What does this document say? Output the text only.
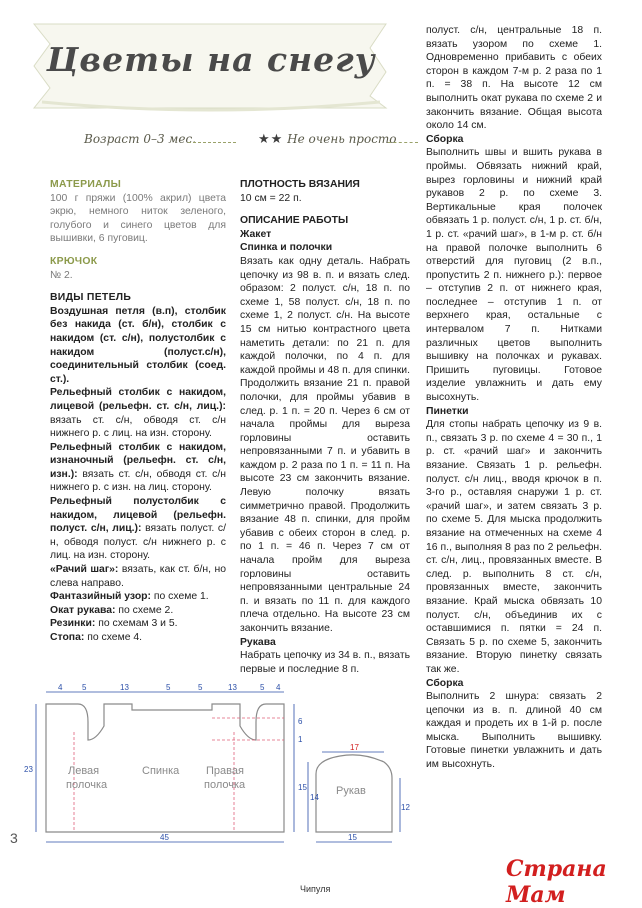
Цветы на снегу
Возраст 0–3 мес.	★★ Не очень просто

МАТЕРИАЛЫ

100 г пряжи (100% акрил) цвета экрю, немного ниток зеленого, голубого и синего цветов для вышивки, 6 пуговиц.

КРЮЧОК

№ 2.

ВИДЫ ПЕТЕЛЬ

Воздушная петля (в.п), столбик без накида (ст. б/н), столбик с накидом (ст. с/н), полустолбик с накидом (полуст.с/н), соединительный столбик (соед. ст.).

Рельефный столбик с накидом, лицевой (рельефн. ст. с/н, лиц.): вязать ст. с/н, обводя ст. с/н нижнего р. с лиц. на изн. сторону.

Рельефный столбик с накидом, изнаночный (рельефн. ст. с/н, изн.): вязать ст. с/н, обводя ст. с/н нижнего р. с изн. на лиц. сторону.

Рельефный полустолбик с накидом, лицевой (рельефн. полуст. с/н, лиц.): вязать полуст. с/н, обводя полуст. с/н нижнего р. с лиц. на изн. сторону.

«Рачий шаг»: вязать, как ст. б/н, но слева направо.

Фантазийный узор: по схеме 1.

Окат рукава: по схеме 2.

Резинки: по схемам 3 и 5.

Стопа: по схеме 4.

ПЛОТНОСТЬ ВЯЗАНИЯ

10 см = 22 п.

ОПИСАНИЕ РАБОТЫ

Жакет

Спинка и полочки

Вязать как одну деталь. Набрать цепочку из 98 в. п. и вязать след. образом: 2 полуст. с/н, 18 п. по схеме 1, 58 полуст. с/н, 18 п. по схеме 1, 2 полуст. с/н. На высоте 15 см нитью контрастного цвета наметить детали: по 21 п. для каждой полочки, по 4 п. для каждой проймы и 48 п. для спинки. Продолжить вязание 21 п. правой полочки, для проймы убавив в след. р. 1 п. = 20 п. Через 6 см от начала проймы для выреза горловины оставить непровязанными 7 п. и убавить в каждом р. 2 раза по 1 п. = 11 п. На высоте 23 см закончить вязание. Левую полочку вязать симметрично правой. Продолжить вязание 48 п. спинки, для пройм убавив с обеих сторон в след. р. по 1 п. = 46 п. Через 7 см от начала пройм для выреза горловины оставить непровязанными центральные 24 п. и вязать по 11 п. для каждого плеча отдельно. На высоте 23 см закончить вязание.

Рукава

Набрать цепочку из 34 в. п., вязать первые и последние 8 п.

полуст. с/н, центральные 18 п. вязать узором по схеме 1. Одновременно прибавить с обеих сторон в каждом 7-м р. 2 раза по 1 п. = 38 п. На высоте 12 см выполнить окат рукава по схеме 2 и закончить вязание. Общая высота около 14 см.

Сборка

Выполнить швы и вшить рукава в проймы. Обвязать нижний край, вырез горловины и нижний край рукавов 2 р. по схеме 3. Вертикальные края полочек обвязать 1 р. полуст. с/н, 1 р. ст. б/н, 1 р. ст. «рачий шаг», в 1-м р. ст. б/н на правой полочке выполнить 6 отверстий для пуговиц (2 в.п., пропустить 2 п. нижнего р.): первое – отступив 2 п. от нижнего края, последнее – отступив 1 п. от верхнего края, остальные с интервалом 7 п. Нитками различных цветов выполнить вышивку на полочках и рукавах. Пришить пуговицы. Готовое изделие увлажнить и дать ему высохнуть.

Пинетки

Для стопы набрать цепочку из 9 в. п., связать 3 р. по схеме 4 = 30 п., 1 р. ст. «рачий шаг» и закончить вязание. Связать 1 р. рельефн. полуст. с/н лиц., вводя крючок в п. 3-го р., оставляя снаружи 1 р. ст. «рачий шаг», и затем связать 3 р. по схеме 5. Для мыска продолжить вязание на отмеченных на схеме 4 16 п., выполняя 8 раз по 2 рельефн. ст. с/н, лиц., провязанных вместе. В след. р. выполнить 8 ст. с/н, провязанных вместе, закончить вязание. Край мыска обвязать 10 полуст. с/н, объединив их с оставшимися п. пятки = 24 п. Связать 5 р. по схеме 5, закончить вязание. Вторую пинетку связать так же.

Сборка

Выполнить 2 шнура: связать 2 цепочки из в. п. длиной 40 см каждая и продеть их в 1-й р. после мыска. Выполнить вышивку. Готовые пинетки увлажнить и дать им высохнуть.

4 5	13	5	5	13	5 4
23
6
1
15
45
Левая
полочка
Спинка Правая
полочка	Рукав
17
15
14
12
3
Чипуля
Страна Мам
